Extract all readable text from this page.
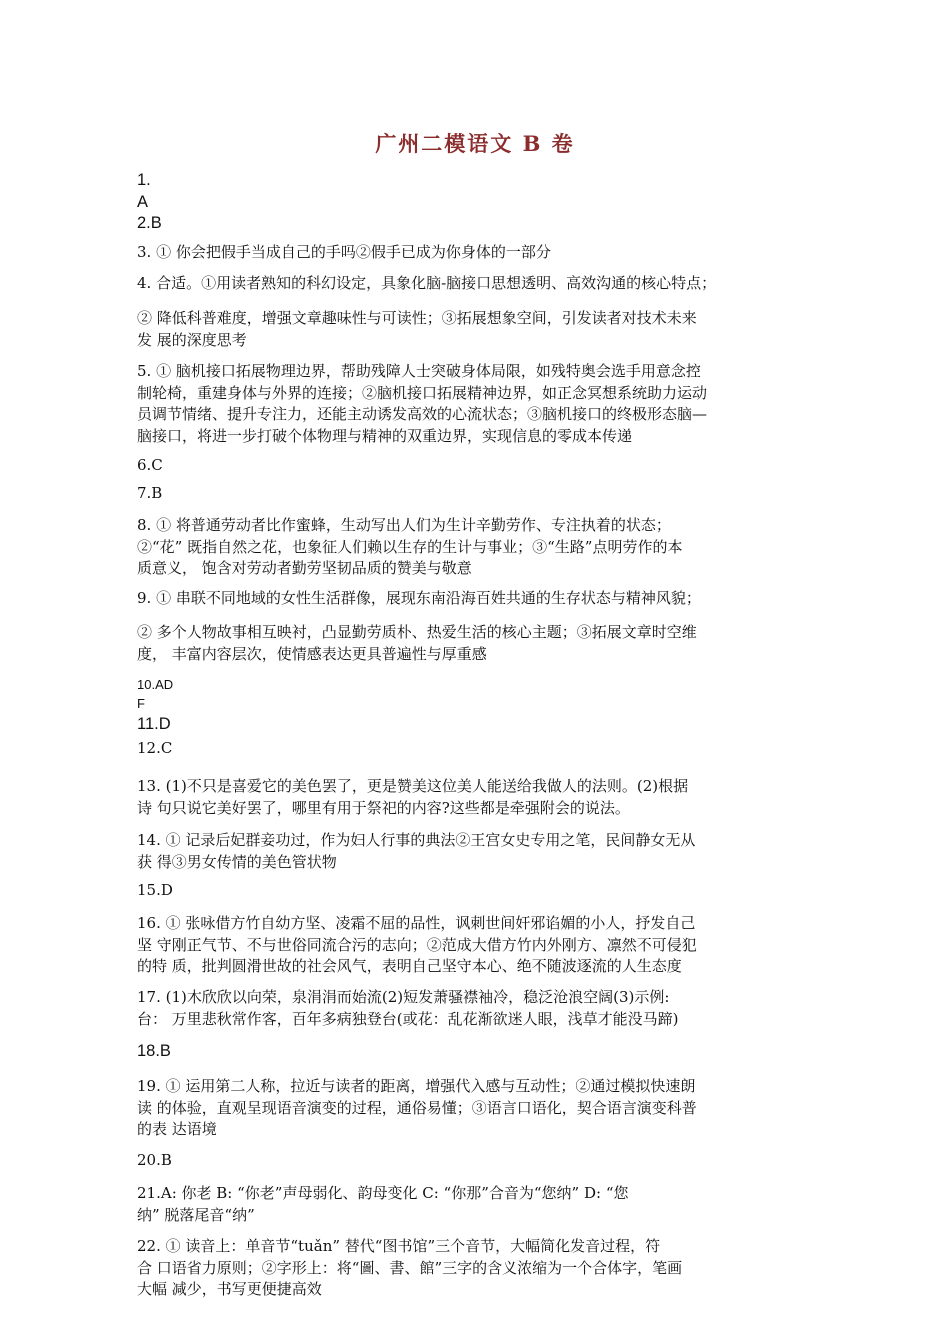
广州二模语文 B 卷
1.
A
2.B
3. ① 你会把假手当成自己的手吗②假手已成为你身体的一部分
4. 合适。①用读者熟知的科幻设定，具象化脑-脑接口思想透明、高效沟通的核心特点；
② 降低科普难度，增强文章趣味性与可读性；③拓展想象空间，引发读者对技术未来
发 展的深度思考
5. ① 脑机接口拓展物理边界，帮助残障人士突破身体局限，如残特奥会选手用意念控
制轮椅，重建身体与外界的连接；②脑机接口拓展精神边界，如正念冥想系统助力运动
员调节情绪、提升专注力，还能主动诱发高效的心流状态；③脑机接口的终极形态脑—
脑接口，将进一步打破个体物理与精神的双重边界，实现信息的零成本传递
6.C
7.B
8. ① 将普通劳动者比作蜜蜂，生动写出人们为生计辛勤劳作、专注执着的状态；
②“花” 既指自然之花，也象征人们赖以生存的生计与事业；③“生路”点明劳作的本
质意义， 饱含对劳动者勤劳坚韧品质的赞美与敬意
9. ① 串联不同地域的女性生活群像，展现东南沿海百姓共通的生存状态与精神风貌；
② 多个人物故事相互映衬，凸显勤劳质朴、热爱生活的核心主题；③拓展文章时空维
度， 丰富内容层次，使情感表达更具普遍性与厚重感
10.AD
F
11.D
12.C
13. (1)不只是喜爱它的美色罢了，更是赞美这位美人能送给我做人的法则。(2)根据
诗 句只说它美好罢了，哪里有用于祭祀的内容?这些都是牵强附会的说法。
14. ① 记录后妃群妾功过，作为妇人行事的典法②王宫女史专用之笔，民间静女无从
获 得③男女传情的美色管状物
15.D
16. ① 张咏借方竹自幼方坚、凌霜不屈的品性，讽刺世间奸邪谄媚的小人，抒发自己
坚 守刚正气节、不与世俗同流合污的志向；②范成大借方竹内外刚方、凛然不可侵犯
的特 质，批判圆滑世故的社会风气，表明自己坚守本心、绝不随波逐流的人生态度
17. (1)木欣欣以向荣，泉涓涓而始流(2)短发萧骚襟袖冷，稳泛沧浪空阔(3)示例:
台： 万里悲秋常作客，百年多病独登台(或花：乱花渐欲迷人眼，浅草才能没马蹄)
18.B
19. ① 运用第二人称，拉近与读者的距离，增强代入感与互动性；②通过模拟快速朗
读 的体验，直观呈现语音演变的过程，通俗易懂；③语言口语化，契合语言演变科普
的表 达语境
20.B
21.A: 你老 B: “你老”声母弱化、韵母变化 C: “你那”合音为“您纳” D: “您
纳” 脱落尾音“纳”
22. ① 读音上：单音节“tuǎn” 替代“图书馆”三个音节，大幅简化发音过程，符
合 口语省力原则；②字形上：将“圖、書、館”三字的含义浓缩为一个合体字，笔画
大幅 减少，书写更便捷高效
